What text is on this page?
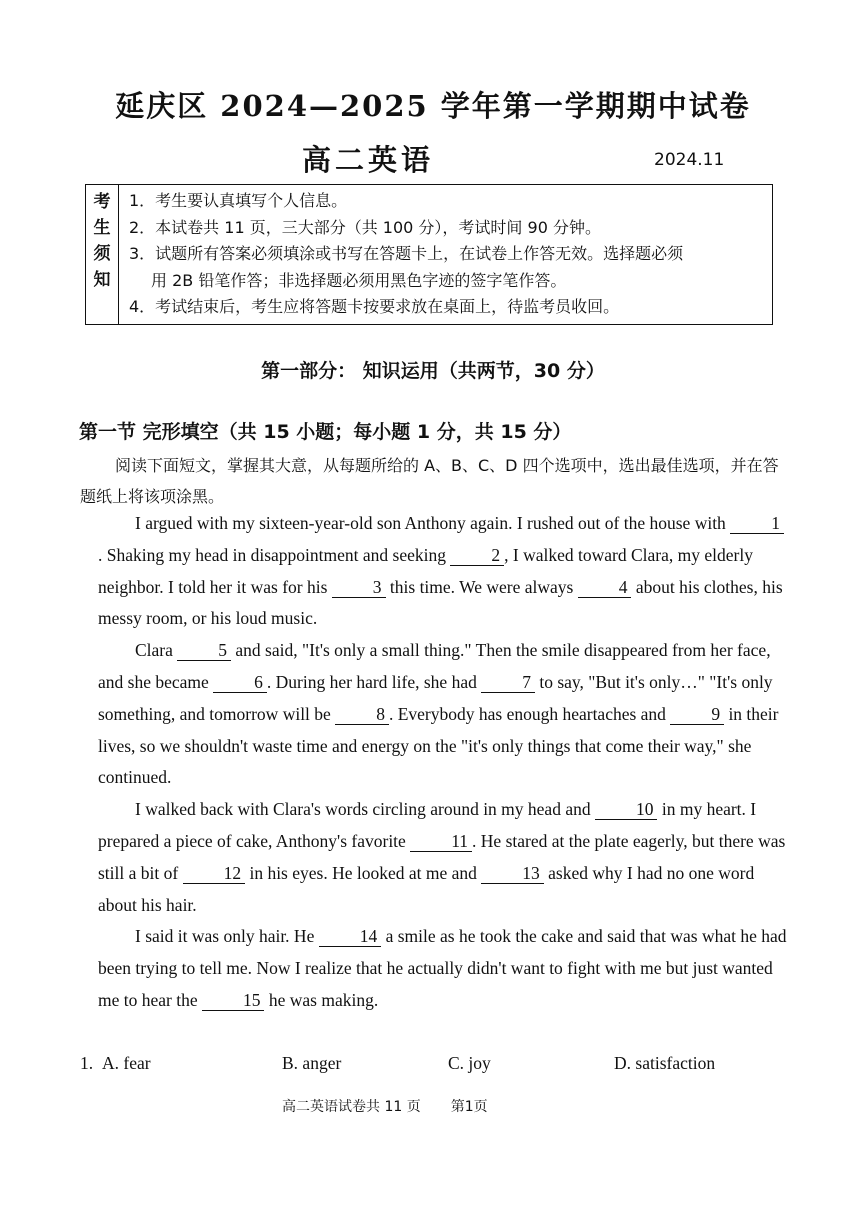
延庆区 2024—2025 学年第一学期期中试卷
高二英语	2024.11
考
生
须
知

1．考生要认真填写个人信息。
2．本试卷共 11 页，三大部分（共 100 分），考试时间 90 分钟。
3．试题所有答案必须填涂或书写在答题卡上，在试卷上作答无效。选择题必须
用 2B 铅笔作答；非选择题必须用黑色字迹的签字笔作答。
4．考试结束后，考生应将答题卡按要求放在桌面上，待监考员收回。
第一部分： 知识运用（共两节，30 分）
第一节 完形填空（共 15 小题；每小题 1 分，共 15 分）
阅读下面短文，掌握其大意，从每题所给的 A、B、C、D 四个选项中，选出最佳选项，并在答题纸上将该项涂黑。

I argued with my sixteen-year-old son Anthony again. I rushed out of the house with 1. Shaking my head in disappointment and seeking 2 , I walked toward Clara, my elderly neighbor. I told her it was for his 3 this time. We were always 4 about his clothes, his messy room, or his loud music.

Clara 5 and said, "It's only a small thing." Then the smile disappeared from her face, and she became 6 . During her hard life, she had 7 to say, "But it's only…" "It's only something, and tomorrow will be 8 . Everybody has enough heartaches and 9 in their lives, so we shouldn't waste time and energy on the "it's only things that come their way," she continued.

I walked back with Clara's words circling around in my head and 10 in my heart. I prepared a piece of cake, Anthony's favorite 11 . He stared at the plate eagerly, but there was still a bit of 12 in his eyes. He looked at me and 13 asked why I had no one word about his hair.

I said it was only hair. He 14 a smile as he took the cake and said that was what he had been trying to tell me. Now I realize that he actually didn't want to fight with me but just wanted me to hear the 15 he was making.

1. A. fear	B. anger	C. joy	D. satisfaction
高二英语试卷共 11 页 第1页
